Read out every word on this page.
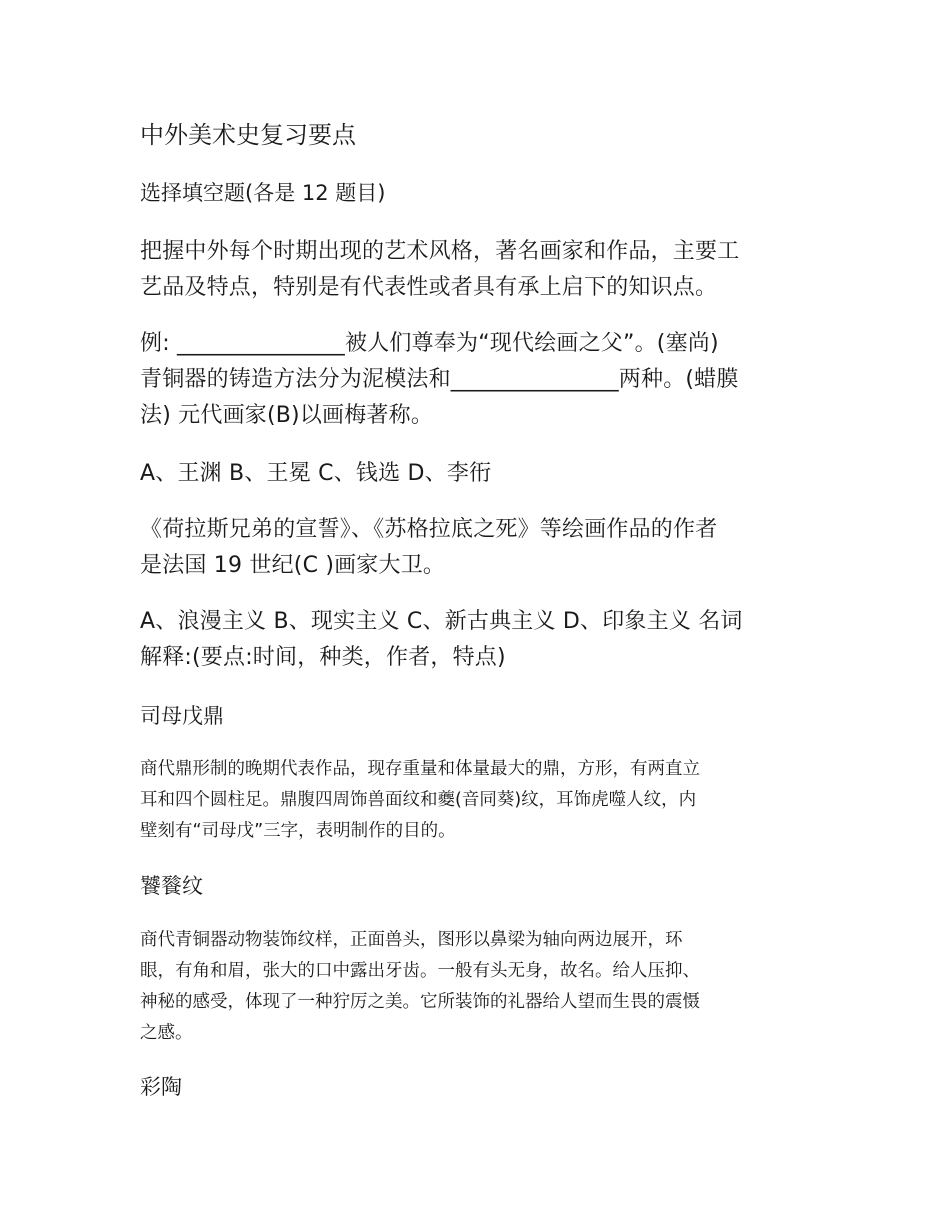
中外美术史复习要点
选择填空题(各是 12 题目)
把握中外每个时期出现的艺术风格，著名画家和作品，主要工
艺品及特点，特别是有代表性或者具有承上启下的知识点。
例: _______________被人们尊奉为“现代绘画之父”。(塞尚)
青铜器的铸造方法分为泥模法和_______________两种。(蜡膜
法) 元代画家(B)以画梅著称。
A、王渊 B、王冕 C、钱选 D、李衎
《荷拉斯兄弟的宣誓》、《苏格拉底之死》等绘画作品的作者
是法国 19 世纪(C )画家大卫。
A、浪漫主义 B、现实主义 C、新古典主义 D、印象主义 名词
解释:(要点:时间，种类，作者，特点)
司母戊鼎
商代鼎形制的晚期代表作品，现存重量和体量最大的鼎，方形，有两直立
耳和四个圆柱足。鼎腹四周饰兽面纹和夔(音同葵)纹，耳饰虎噬人纹，内
壁刻有“司母戊”三字，表明制作的目的。
饕餮纹
商代青铜器动物装饰纹样，正面兽头，图形以鼻梁为轴向两边展开，环
眼，有角和眉，张大的口中露出牙齿。一般有头无身，故名。给人压抑、
神秘的感受，体现了一种狞厉之美。它所装饰的礼器给人望而生畏的震慑
之感。
彩陶
